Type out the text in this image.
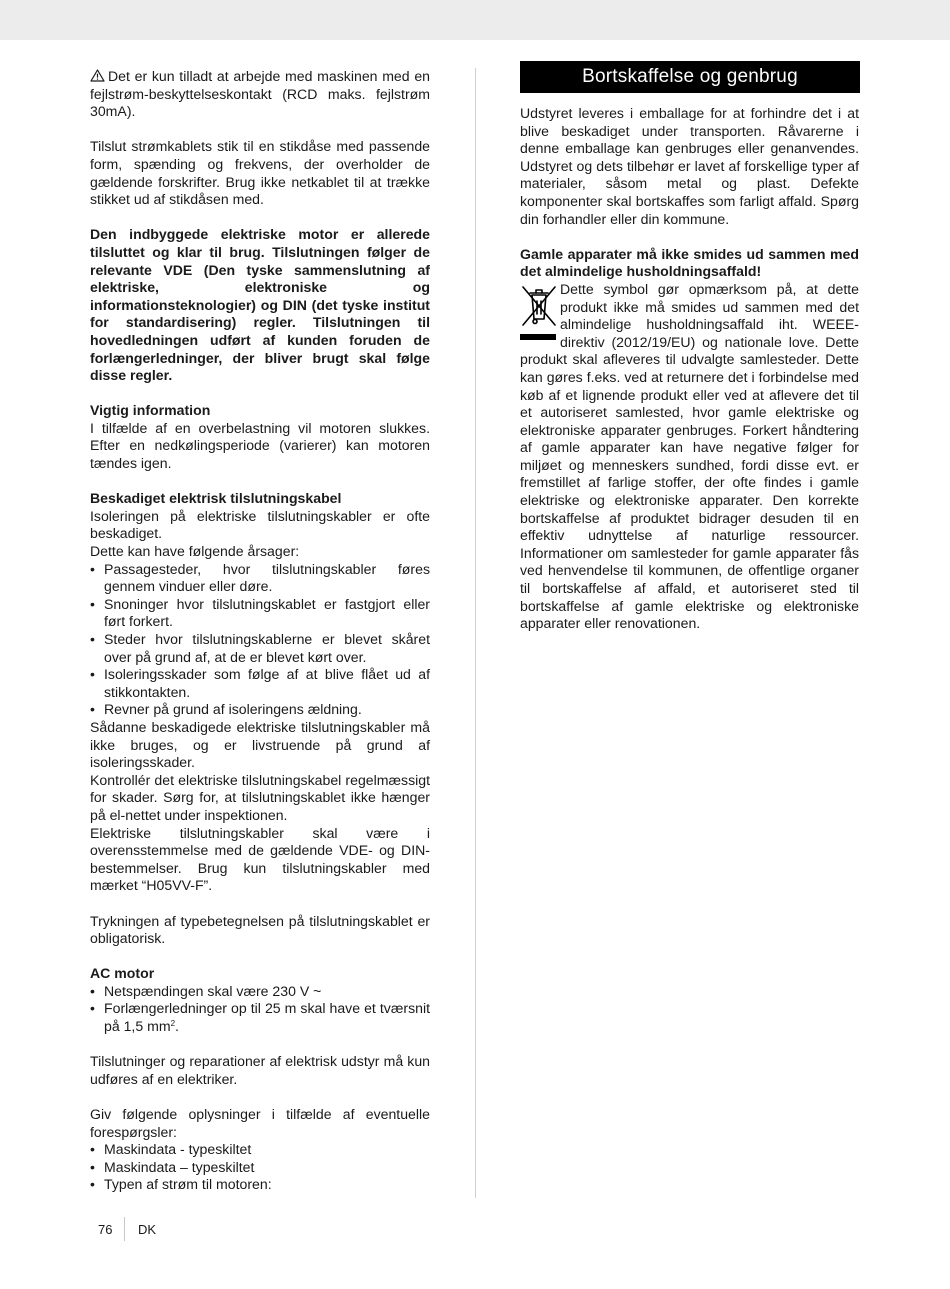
Det er kun tilladt at arbejde med maskinen med en fejlstrøm-beskyttelseskontakt (RCD maks. fejlstrøm 30mA).

Tilslut strømkablets stik til en stikdåse med passende form, spænding og frekvens, der overholder de gældende forskrifter. Brug ikke netkablet til at trække stikket ud af stikdåsen med.

Den indbyggede elektriske motor er allerede tilsluttet og klar til brug. Tilslutningen følger de relevante VDE (Den tyske sammenslutning af elektriske, elektroniske og informationsteknologier) og DIN (det tyske institut for standardisering) regler. Tilslutningen til hovedledningen udført af kunden foruden de forlængerledninger, der bliver brugt skal følge disse regler.

Vigtig information

I tilfælde af en overbelastning vil motoren slukkes. Efter en nedkølingsperiode (varierer) kan motoren tændes igen.

Beskadiget elektrisk tilslutningskabel

Isoleringen på elektriske tilslutningskabler er ofte beskadiget.

Dette kan have følgende årsager:

• Passagesteder, hvor tilslutningskabler føres gennem vinduer eller døre.
• Snoninger hvor tilslutningskablet er fastgjort eller ført forkert.
• Steder hvor tilslutningskablerne er blevet skåret over på grund af, at de er blevet kørt over.
• Isoleringsskader som følge af at blive flået ud af stikkontakten.
• Revner på grund af isoleringens ældning.

Sådanne beskadigede elektriske tilslutningskabler må ikke bruges, og er livstruende på grund af isoleringsskader.

Kontrollér det elektriske tilslutningskabel regelmæssigt for skader. Sørg for, at tilslutningskablet ikke hænger på el-nettet under inspektionen.

Elektriske tilslutningskabler skal være i overensstemmelse med de gældende VDE- og DIN-bestemmelser. Brug kun tilslutningskabler med mærket “H05VV-F”.

Trykningen af typebetegnelsen på tilslutningskablet er obligatorisk.

AC motor

• Netspændingen skal være 230 V ~
• Forlængerledninger op til 25 m skal have et tværsnit på 1,5 $mm^2$.

Tilslutninger og reparationer af elektrisk udstyr må kun udføres af en elektriker.

Giv følgende oplysninger i tilfælde af eventuelle forespørgsler:

• Maskindata - typeskiltet
• Maskindata – typeskiltet
• Typen af strøm til motoren:
Bortskaffelse og genbrug

Udstyret leveres i emballage for at forhindre det i at blive beskadiget under transporten. Råvarerne i denne emballage kan genbruges eller genanvendes. Udstyret og dets tilbehør er lavet af forskellige typer af materialer, såsom metal og plast. Defekte komponenter skal bortskaffes som farligt affald. Spørg din forhandler eller din kommune.

Gamle apparater må ikke smides ud sammen med det almindelige husholdningsaffald!

Dette symbol gør opmærksom på, at dette produkt ikke må smides ud sammen med det almindelige husholdningsaffald iht. WEEE-direktiv (2012/19/EU) og nationale love. Dette produkt skal afleveres til udvalgte samlesteder. Dette kan gøres f.eks. ved at returnere det i forbindelse med køb af et lignende produkt eller ved at aflevere det til et autoriseret samlested, hvor gamle elektriske og elektroniske apparater genbruges. Forkert håndtering af gamle apparater kan have negative følger for miljøet og menneskers sundhed, fordi disse evt. er fremstillet af farlige stoffer, der ofte findes i gamle elektriske og elektroniske apparater. Den korrekte bortskaffelse af produktet bidrager desuden til en effektiv udnyttelse af naturlige ressourcer. Informationer om samlesteder for gamle apparater fås ved henvendelse til kommunen, de offentlige organer til bortskaffelse af affald, et autoriseret sted til bortskaffelse af gamle elektriske og elektroniske apparater eller renovationen.

76 DK
